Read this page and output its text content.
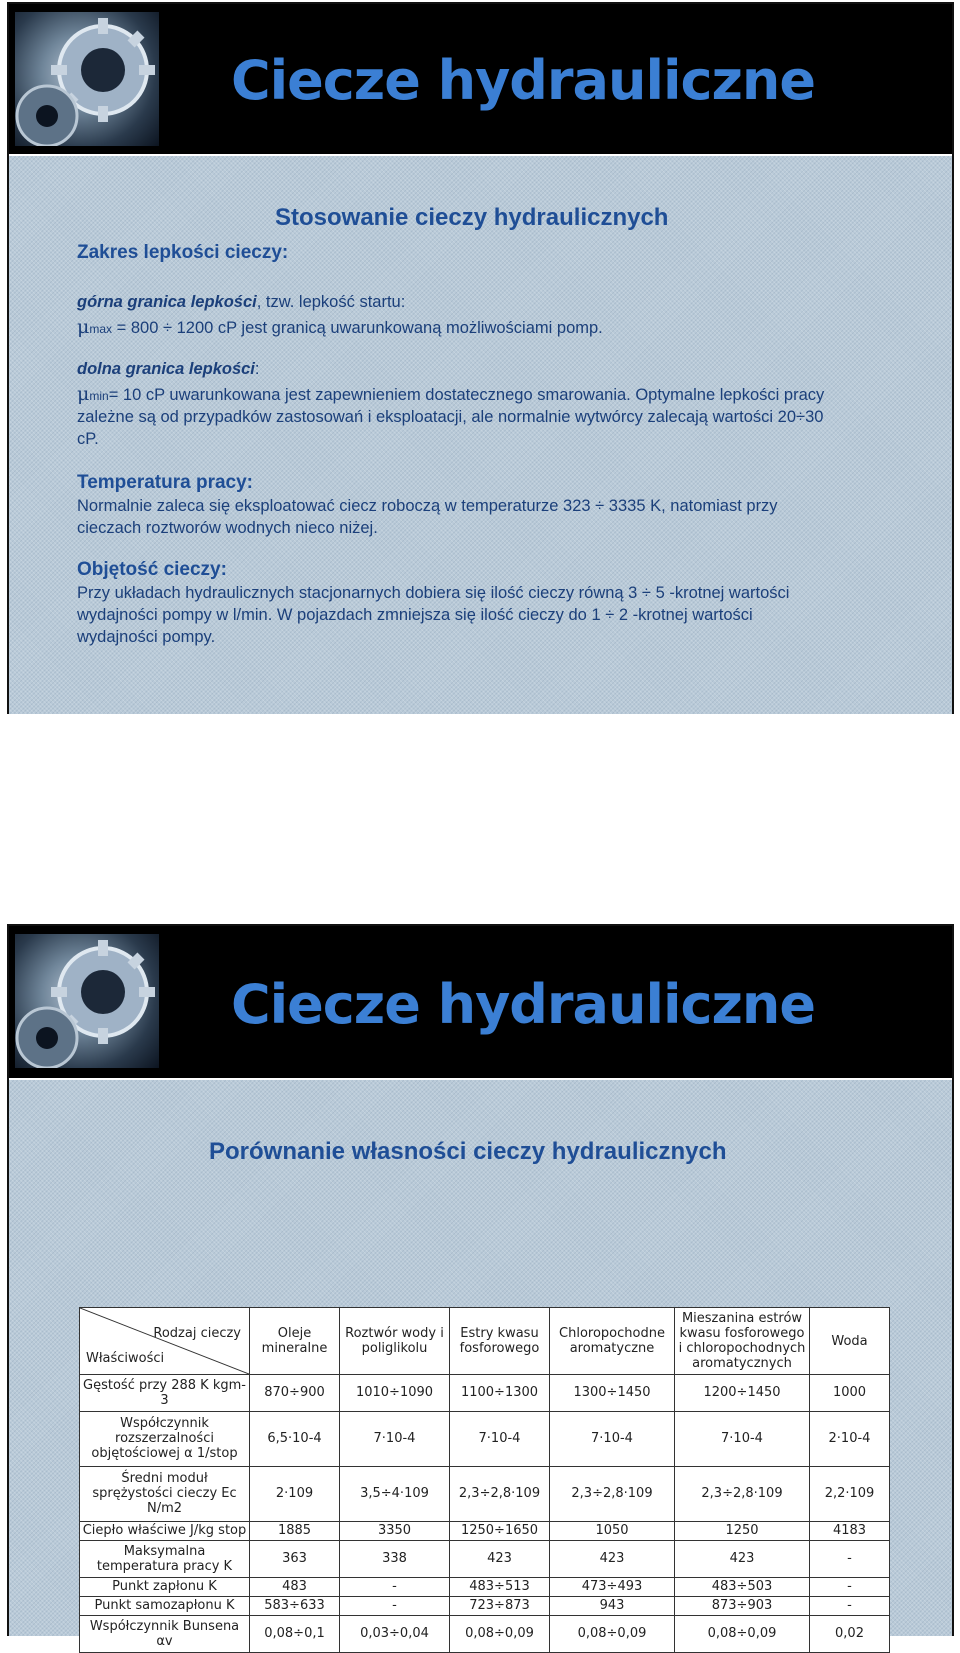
Ciecze hydrauliczne
Stosowanie cieczy hydraulicznych
Zakres lepkości cieczy:
górna granica lepkości, tzw. lepkość startu:
μmax = 800 ÷ 1200 cP jest granicą uwarunkowaną możliwościami pomp.
dolna granica lepkości:
μmin= 10 cP uwarunkowana jest zapewnieniem dostatecznego smarowania. Optymalne lepkości pracy
zależne są od przypadków zastosowań i eksploatacji, ale normalnie wytwórcy zalecają wartości 20÷30
cP.
Temperatura pracy:
Normalnie zaleca się eksploatować ciecz roboczą w temperaturze 323 ÷ 3335 K, natomiast przy
cieczach roztworów wodnych nieco niżej.
Objętość cieczy:
Przy układach hydraulicznych stacjonarnych dobiera się ilość cieczy równą 3 ÷ 5 -krotnej wartości
wydajności pompy w l/min. W pojazdach zmniejsza się ilość cieczy do 1 ÷ 2 -krotnej wartości
wydajności pompy.
Ciecze hydrauliczne
Porównanie własności cieczy hydraulicznych
Rodzaj cieczy
Właściwości	Oleje mineralne	Roztwór wody i poliglikolu	Estry kwasu fosforowego	Chloropochodne aromatyczne	Mieszanina estrów kwasu fosforowego i chloropochodnych aromatycznych	Woda
Gęstość przy 288 K kgm-3	870÷900	1010÷1090	1100÷1300	1300÷1450	1200÷1450	1000
Współczynnik rozszerzalności objętościowej α 1/stop	6,5·10-4	7·10-4	7·10-4	7·10-4	7·10-4	2·10-4
Średni moduł sprężystości cieczy Ec N/m2	2·109	3,5÷4·109	2,3÷2,8·109	2,3÷2,8·109	2,3÷2,8·109	2,2·109
Ciepło właściwe J/kg stop	1885	3350	1250÷1650	1050	1250	4183
Maksymalna temperatura pracy K	363	338	423	423	423	-
Punkt zapłonu K	483	-	483÷513	473÷493	483÷503	-
Punkt samozapłonu K	583÷633	-	723÷873	943	873÷903	-
Współczynnik Bunsena αv	0,08÷0,1	0,03÷0,04	0,08÷0,09	0,08÷0,09	0,08÷0,09	0,02
